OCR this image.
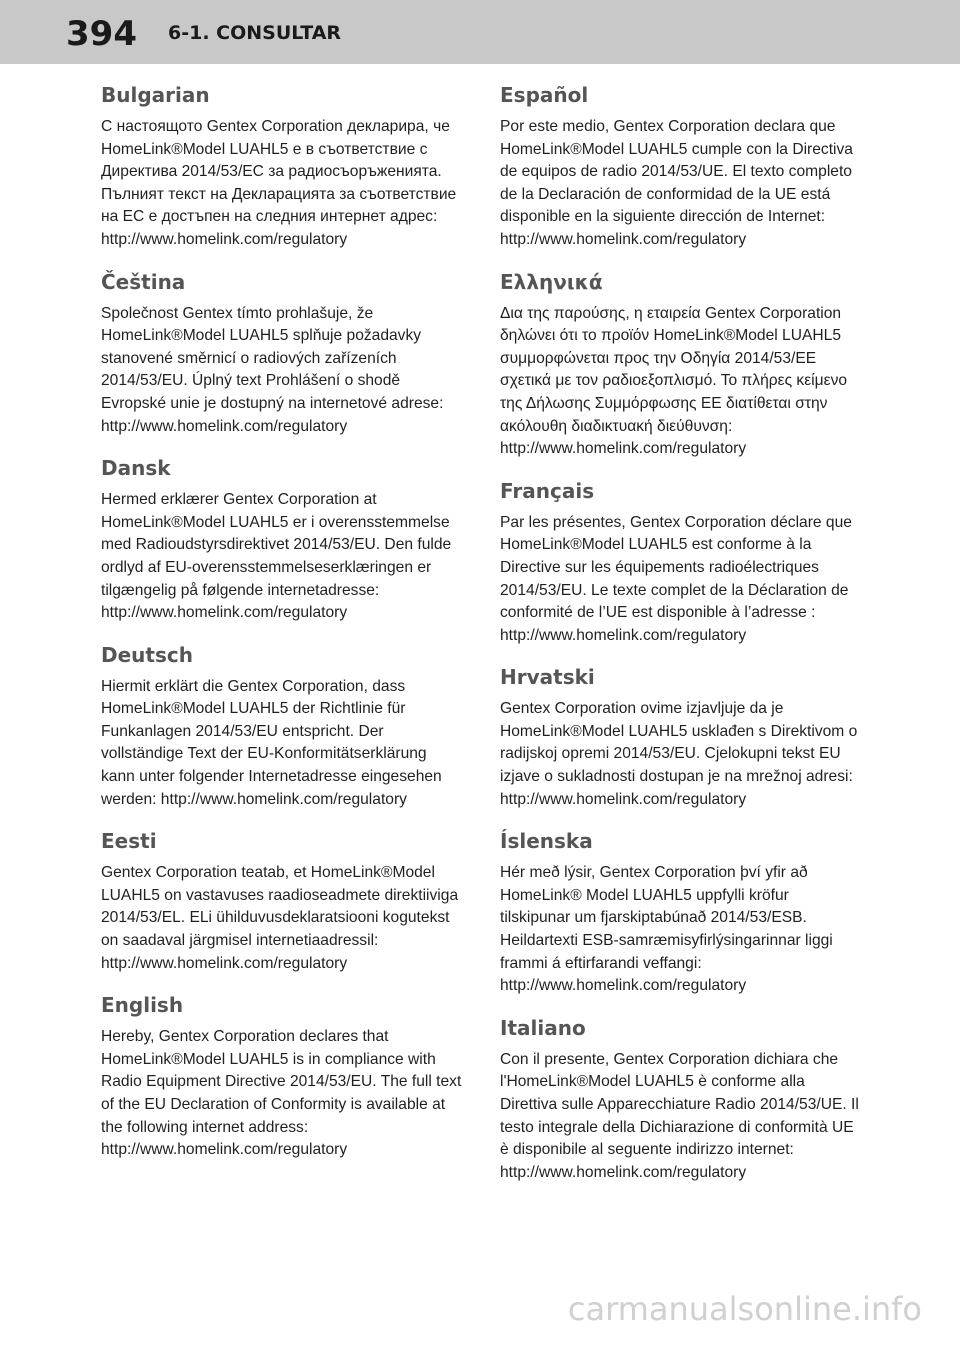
394 6-1. CONSULTAR
Bulgarian

С настоящото Gentex Corporation декларира, че HomeLink®Model LUAHL5 е в съответствие с Директива 2014/53/ЕС за радиосъоръженията. Пълният текст на Декларацията за съответствие на ЕС е достъпен на следния интернет адрес: http://www.homelink.com/regulatory

Čeština

Společnost Gentex tímto prohlašuje, že HomeLink®Model LUAHL5 splňuje požadavky stanovené směrnicí o radiových zařízeních 2014/53/EU. Úplný text Prohlášení o shodě Evropské unie je dostupný na internetové adrese: http://www.homelink.com/regulatory

Dansk

Hermed erklærer Gentex Corporation at HomeLink®Model LUAHL5 er i overensstemmelse med Radioudstyrsdirektivet 2014/53/EU. Den fulde ordlyd af EU-overensstemmelseserklæringen er tilgængelig på følgende internetadresse: http://www.homelink.com/regulatory

Deutsch

Hiermit erklärt die Gentex Corporation, dass HomeLink®Model LUAHL5 der Richtlinie für Funkanlagen 2014/53/EU entspricht. Der vollständige Text der EU-Konformitätserklärung kann unter folgender Internetadresse eingesehen werden: http://www.homelink.com/regulatory

Eesti

Gentex Corporation teatab, et HomeLink®Model LUAHL5 on vastavuses raadioseadmete direktiiviga 2014/53/EL. ELi ühilduvusdeklaratsiooni kogutekst on saadaval järgmisel internetiaadressil: http://www.homelink.com/regulatory

English

Hereby, Gentex Corporation declares that HomeLink®Model LUAHL5 is in compliance with Radio Equipment Directive 2014/53/EU. The full text of the EU Declaration of Conformity is available at the following internet address: http://www.homelink.com/regulatory

Español

Por este medio, Gentex Corporation declara que HomeLink®Model LUAHL5 cumple con la Directiva de equipos de radio 2014/53/UE. El texto completo de la Declaración de conformidad de la UE está disponible en la siguiente dirección de Internet: http://www.homelink.com/regulatory

Ελληνικά

Δια της παρούσης, η εταιρεία Gentex Corporation δηλώνει ότι το προϊόν HomeLink®Model LUAHL5 συμμορφώνεται προς την Οδηγία 2014/53/ΕΕ σχετικά με τον ραδιοεξοπλισμό. Το πλήρες κείμενο της Δήλωσης Συμμόρφωσης ΕΕ διατίθεται στην ακόλουθη διαδικτυακή διεύθυνση: http://www.homelink.com/regulatory

Français

Par les présentes, Gentex Corporation déclare que HomeLink®Model LUAHL5 est conforme à la Directive sur les équipements radioélectriques 2014/53/EU. Le texte complet de la Déclaration de conformité de l’UE est disponible à l’adresse : http://www.homelink.com/regulatory

Hrvatski

Gentex Corporation ovime izjavljuje da je HomeLink®Model LUAHL5 usklađen s Direktivom o radijskoj opremi 2014/53/EU. Cjelokupni tekst EU izjave o sukladnosti dostupan je na mrežnoj adresi: http://www.homelink.com/regulatory

Íslenska

Hér með lýsir, Gentex Corporation því yfir að HomeLink® Model LUAHL5 uppfylli kröfur tilskipunar um fjarskiptabúnað 2014/53/ESB. Heildartexti ESB-samræmisyfirlýsingarinnar liggi frammi á eftirfarandi veffangi: http://www.homelink.com/regulatory

Italiano

Con il presente, Gentex Corporation dichiara che l'HomeLink®Model LUAHL5 è conforme alla Direttiva sulle Apparecchiature Radio 2014/53/UE. Il testo integrale della Dichiarazione di conformità UE è disponibile al seguente indirizzo internet: http://www.homelink.com/regulatory

carmanualsonline.info
